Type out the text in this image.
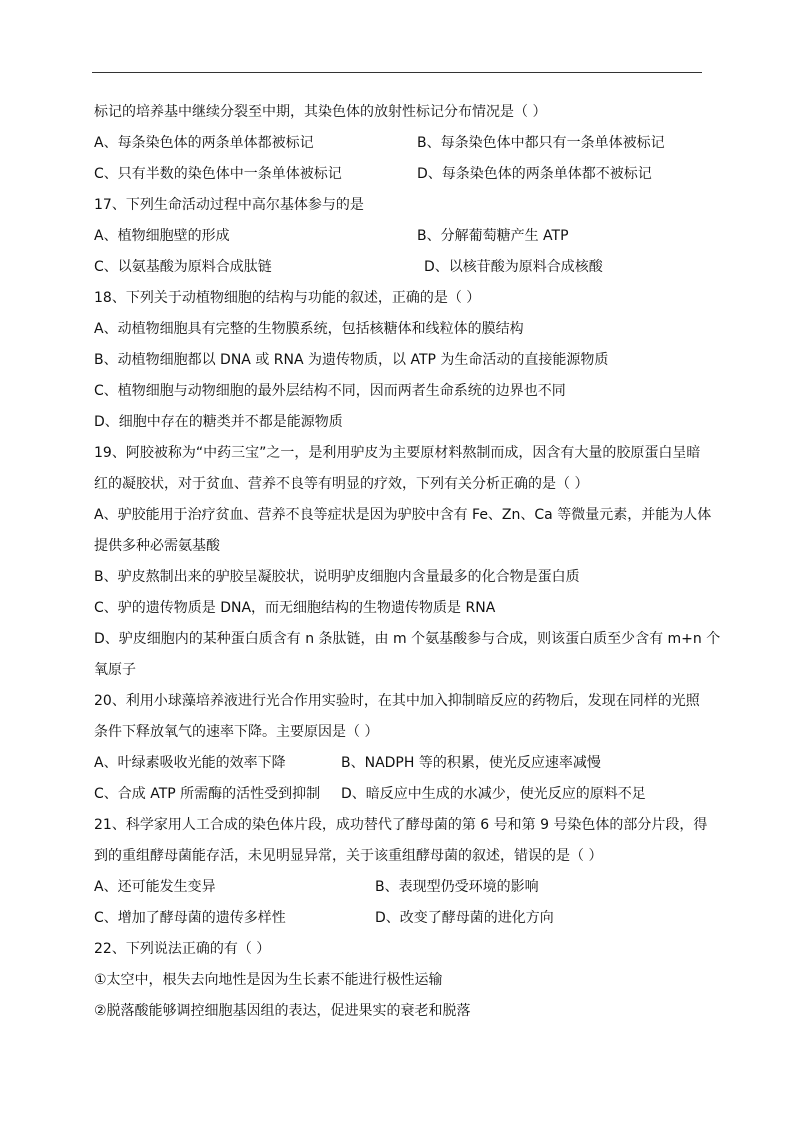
标记的培养基中继续分裂至中期，其染色体的放射性标记分布情况是（ ）
A、每条染色体的两条单体都被标记	B、每条染色体中都只有一条单体被标记
C、只有半数的染色体中一条单体被标记	D、每条染色体的两条单体都不被标记
17、下列生命活动过程中高尔基体参与的是
A、植物细胞壁的形成	B、分解葡萄糖产生 ATP
C、以氨基酸为原料合成肽链	D、以核苷酸为原料合成核酸
18、下列关于动植物细胞的结构与功能的叙述，正确的是（ ）
A、动植物细胞具有完整的生物膜系统，包括核糖体和线粒体的膜结构
B、动植物细胞都以 DNA 或 RNA 为遗传物质，以 ATP 为生命活动的直接能源物质
C、植物细胞与动物细胞的最外层结构不同，因而两者生命系统的边界也不同
D、细胞中存在的糖类并不都是能源物质
19、阿胶被称为“中药三宝”之一，是利用驴皮为主要原材料熬制而成，因含有大量的胶原蛋白呈暗
红的凝胶状，对于贫血、营养不良等有明显的疗效，下列有关分析正确的是（ ）
A、驴胶能用于治疗贫血、营养不良等症状是因为驴胶中含有 Fe、Zn、Ca 等微量元素，并能为人体
提供多种必需氨基酸
B、驴皮熬制出来的驴胶呈凝胶状，说明驴皮细胞内含量最多的化合物是蛋白质
C、驴的遗传物质是 DNA，而无细胞结构的生物遗传物质是 RNA
D、驴皮细胞内的某种蛋白质含有 n 条肽链，由 m 个氨基酸参与合成，则该蛋白质至少含有 m+n 个
氧原子
20、利用小球藻培养液进行光合作用实验时，在其中加入抑制暗反应的药物后，发现在同样的光照
条件下释放氧气的速率下降。主要原因是（ ）
A、叶绿素吸收光能的效率下降	B、NADPH 等的积累，使光反应速率减慢
C、合成 ATP 所需酶的活性受到抑制 D、暗反应中生成的水减少，使光反应的原料不足
21、科学家用人工合成的染色体片段，成功替代了酵母菌的第 6 号和第 9 号染色体的部分片段，得
到的重组酵母菌能存活，未见明显异常，关于该重组酵母菌的叙述，错误的是（ ）
A、还可能发生变异	B、表现型仍受环境的影响
C、增加了酵母菌的遗传多样性	D、改变了酵母菌的进化方向
22、下列说法正确的有（ ）
①太空中，根失去向地性是因为生长素不能进行极性运输
②脱落酸能够调控细胞基因组的表达，促进果实的衰老和脱落
